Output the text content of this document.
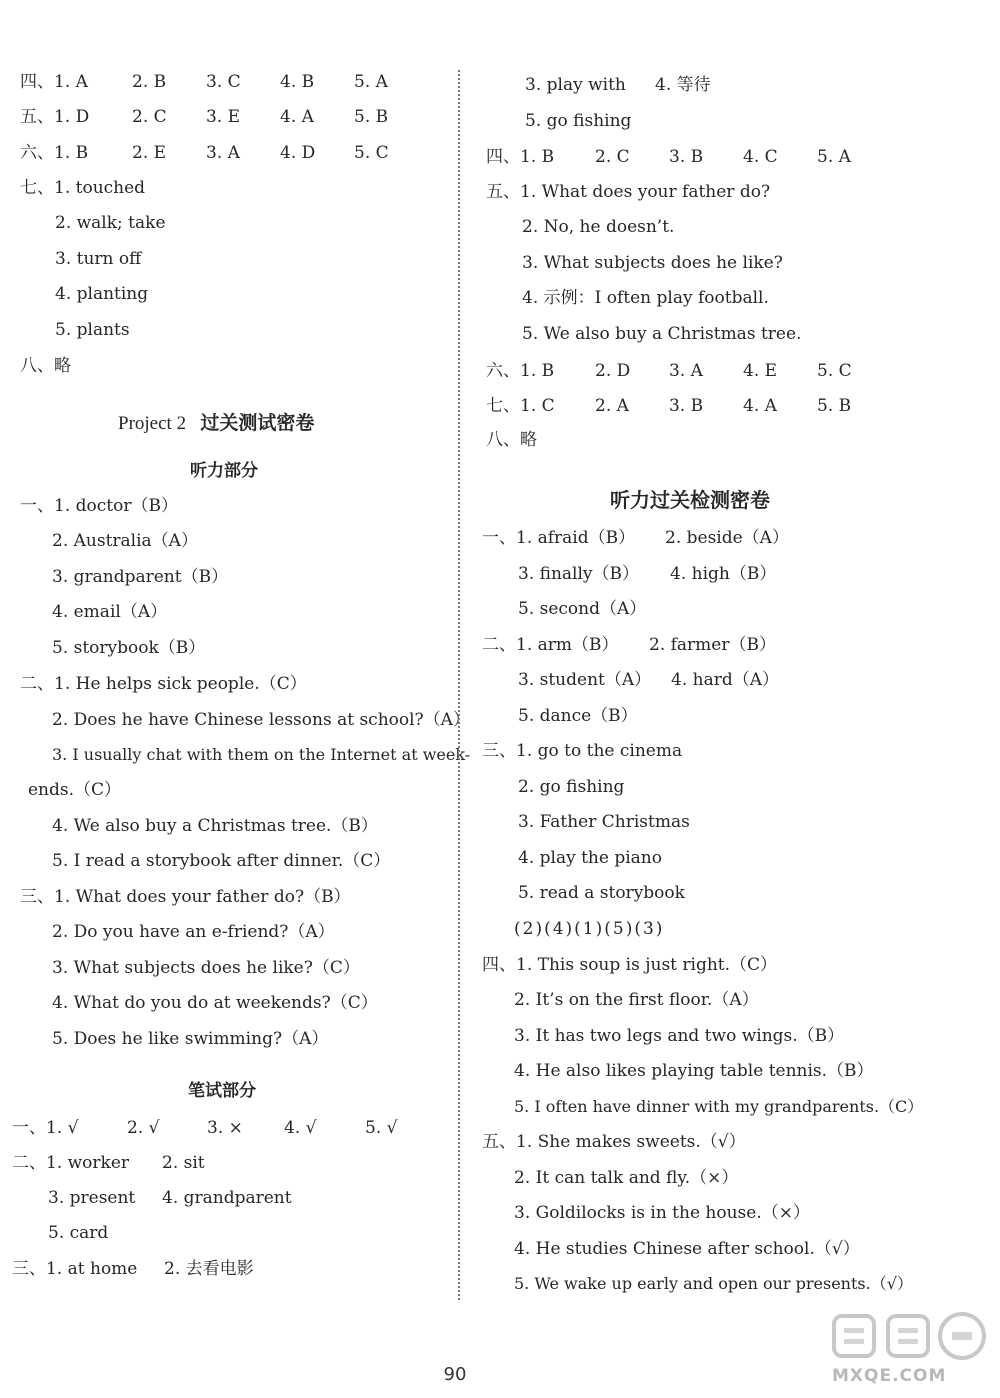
四、1. A	2. B 3. C 4. B 5. A
五、1. D	2. C 3. E 4. A 5. B
六、1. B	2. E 3. A 4. D 5. C
七、1. touched
2. walk; take
3. turn off
4. planting
5. plants
八、略
Project 2 过关测试密卷
听力部分
一、1. doctor（B）
2. Australia（A）
3. grandparent（B）
4. email（A）
5. storybook（B）
二、1. He helps sick people.（C）
2. Does he have Chinese lessons at school?（A）
3. I usually chat with them on the Internet at week-
ends.（C）
4. We also buy a Christmas tree.（B）
5. I read a storybook after dinner.（C）
三、1. What does your father do?（B）
2. Do you have an e-friend?（A）
3. What subjects does he like?（C）
4. What do you do at weekends?（C）
5. Does he like swimming?（A）
笔试部分
一、1. √	2. √	3. × 4. √	5. √
二、1. worker 2. sit
3. present 4. grandparent
5. card
三、1. at home 2. 去看电影
3. play with 4. 等待
5. go fishing
四、1. B 2. C 3. B 4. C 5. A
五、1. What does your father do?
2. No, he doesn’t.
3. What subjects does he like?
4. 示例：I often play football.
5. We also buy a Christmas tree.
六、1. B 2. D 3. A 4. E 5. C
七、1. C 2. A 3. B 4. A 5. B
八、略
听力过关检测密卷
一、1. afraid（B） 2. beside（A）
3. finally（B） 4. high（B）
5. second（A）
二、1. arm（B） 2. farmer（B）
3. student（A） 4. hard（A）
5. dance（B）
三、1. go to the cinema
2. go fishing
3. Father Christmas
4. play the piano
5. read a storybook
(2)(4)(1)(5)(3)
四、1. This soup is just right.（C）
2. It’s on the first floor.（A）
3. It has two legs and two wings.（B）
4. He also likes playing table tennis.（B）
5. I often have dinner with my grandparents.（C）
五、1. She makes sweets.（√）
2. It can talk and fly.（×）
3. Goldilocks is in the house.（×）
4. He studies Chinese after school.（√）
5. We wake up early and open our presents.（√）
90	MXQE.COM
